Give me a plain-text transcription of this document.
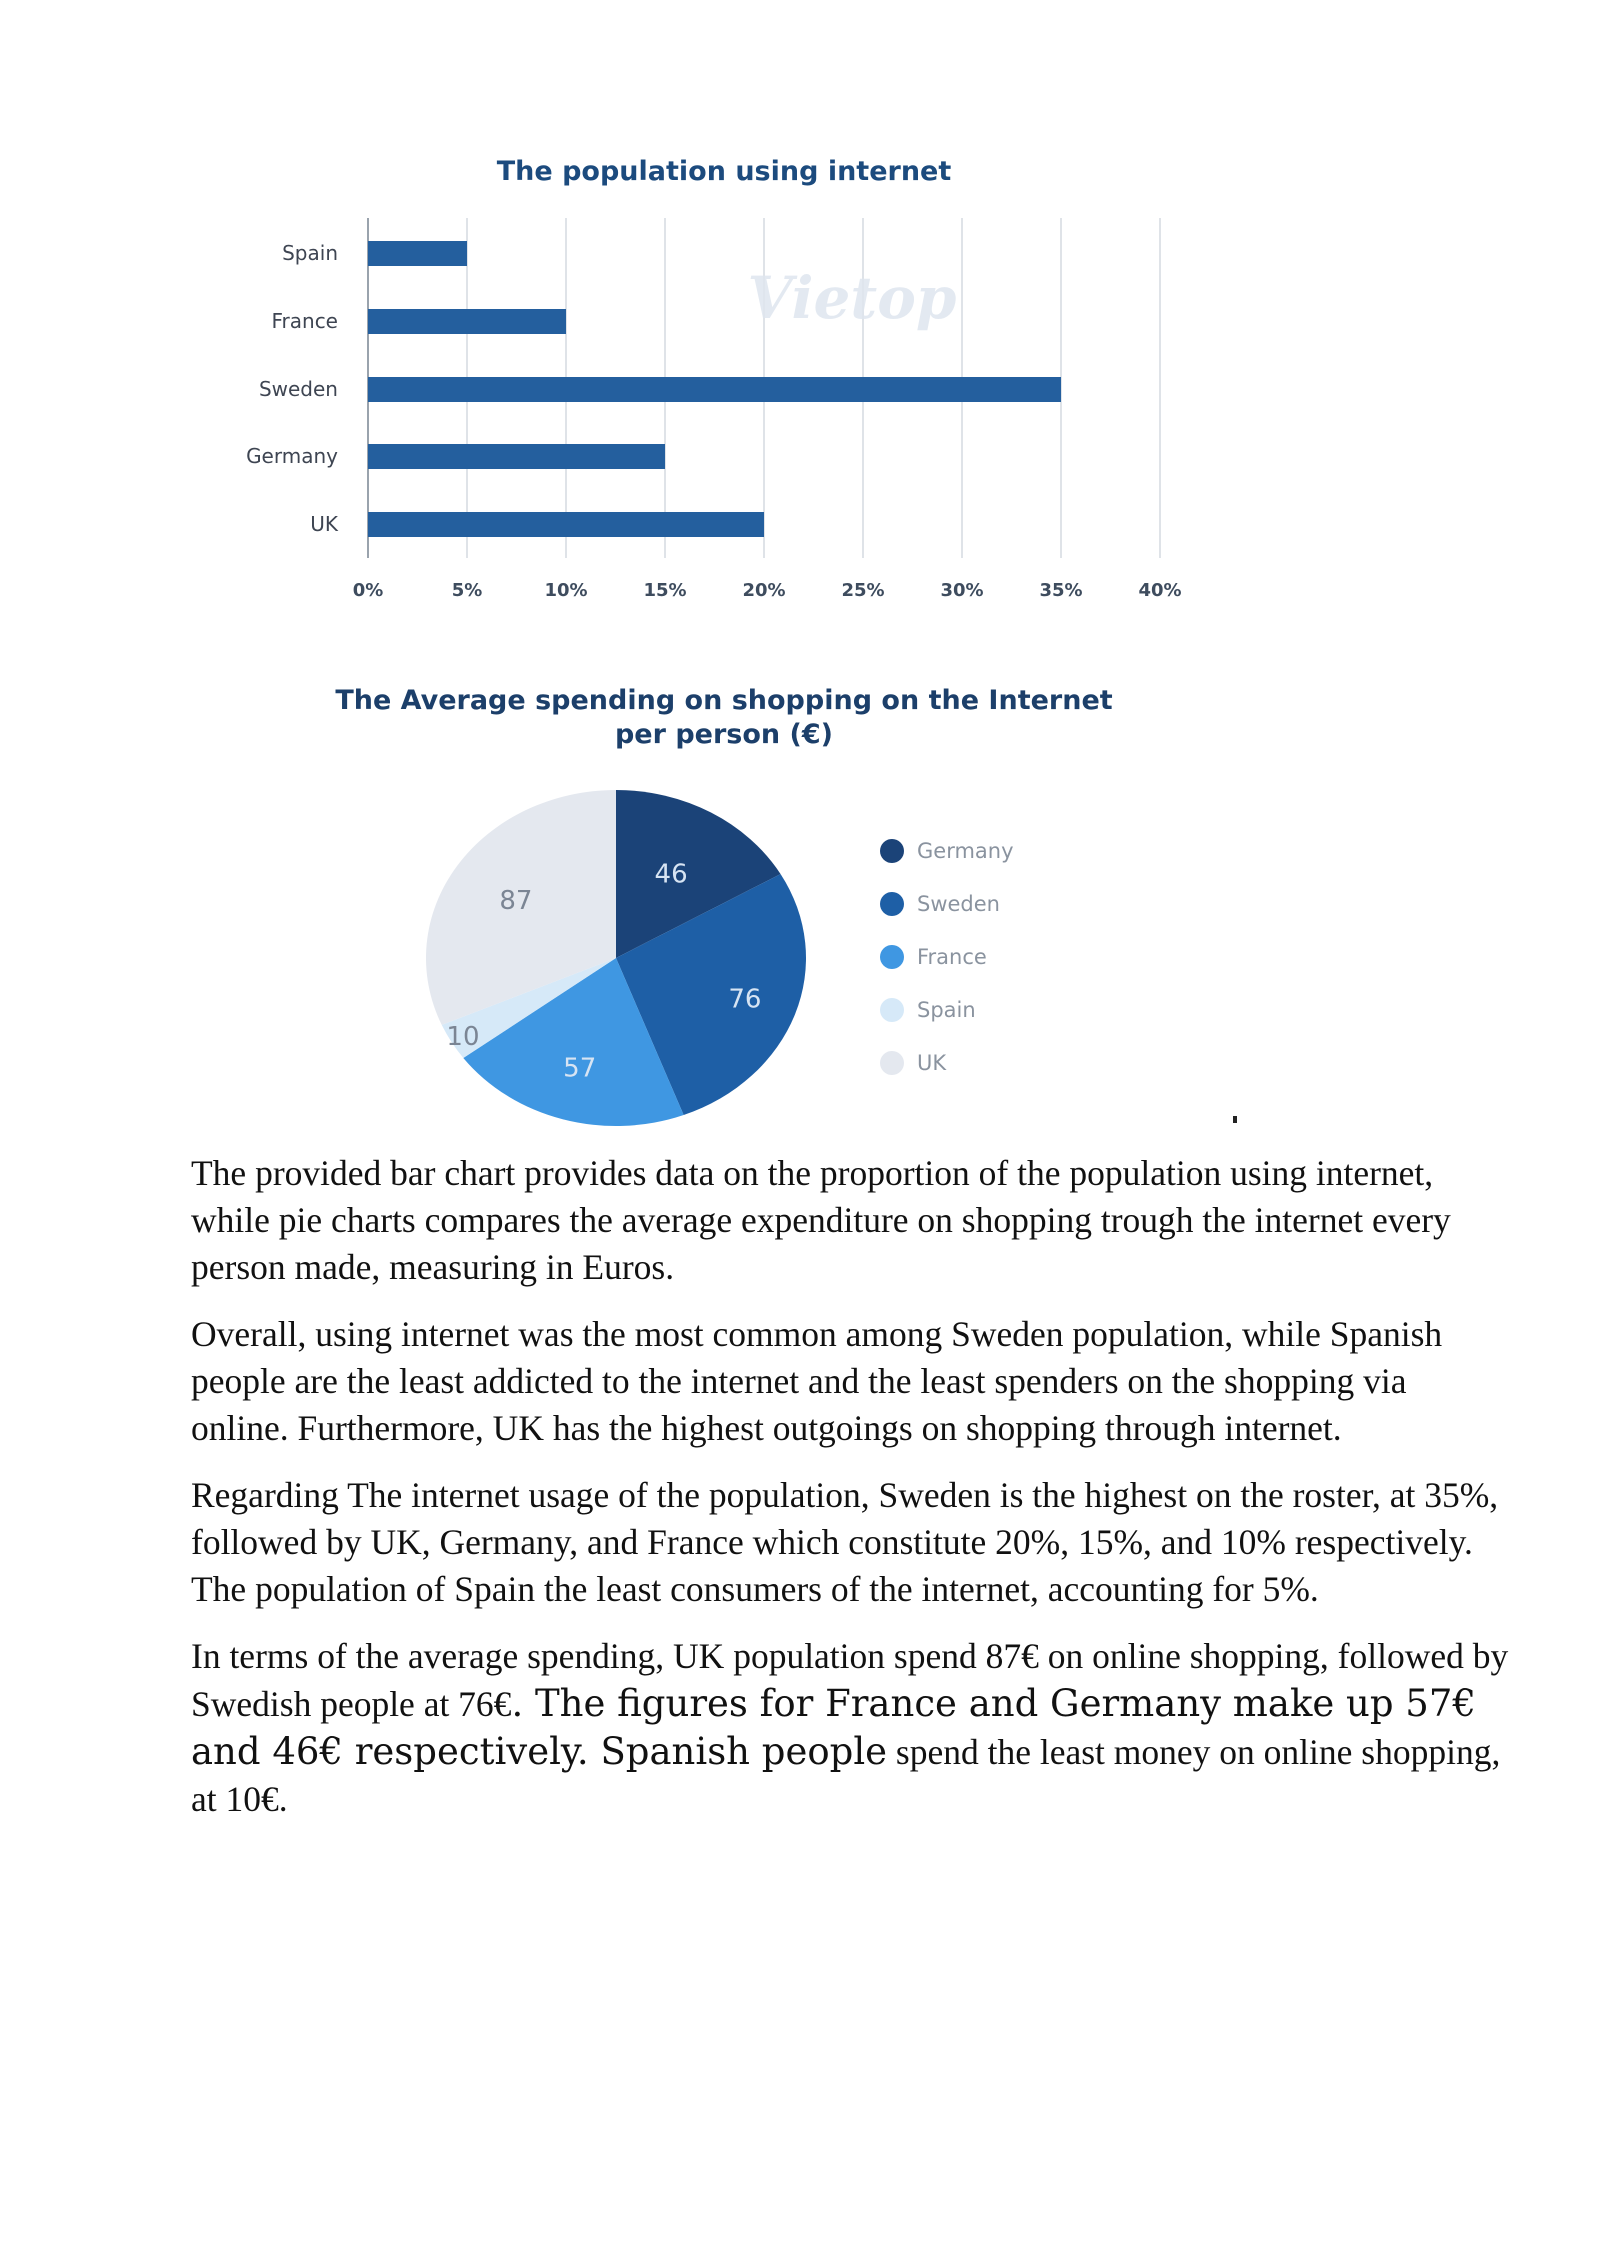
The population using internet
Vietop
Spain
France
Sweden
Germany
UK
0%	5%	10%	15%	20%	25%	30%	35%	40%
The Average spending on shopping on the Internet
per person (€)
46
76
57
10
87
Germany
Sweden
France
Spain
UK

The provided bar chart provides data on the proportion of the population using internet, while pie charts compares the average expenditure on shopping trough the internet every person made, measuring in Euros.

Overall, using internet was the most common among Sweden population, while Spanish people are the least addicted to the internet and the least spenders on the shopping via online. Furthermore, UK has the highest outgoings on shopping through internet.

Regarding The internet usage of the population, Sweden is the highest on the roster, at 35%, followed by UK, Germany, and France which constitute 20%, 15%, and 10% respectively. The population of Spain the least consumers of the internet, accounting for 5%.

In terms of the average spending, UK population spend 87€ on online shopping, followed by Swedish people at 76€. The figures for France and Germany make up 57€ and 46€ respectively. Spanish people spend the least money on online shopping, at 10€.
